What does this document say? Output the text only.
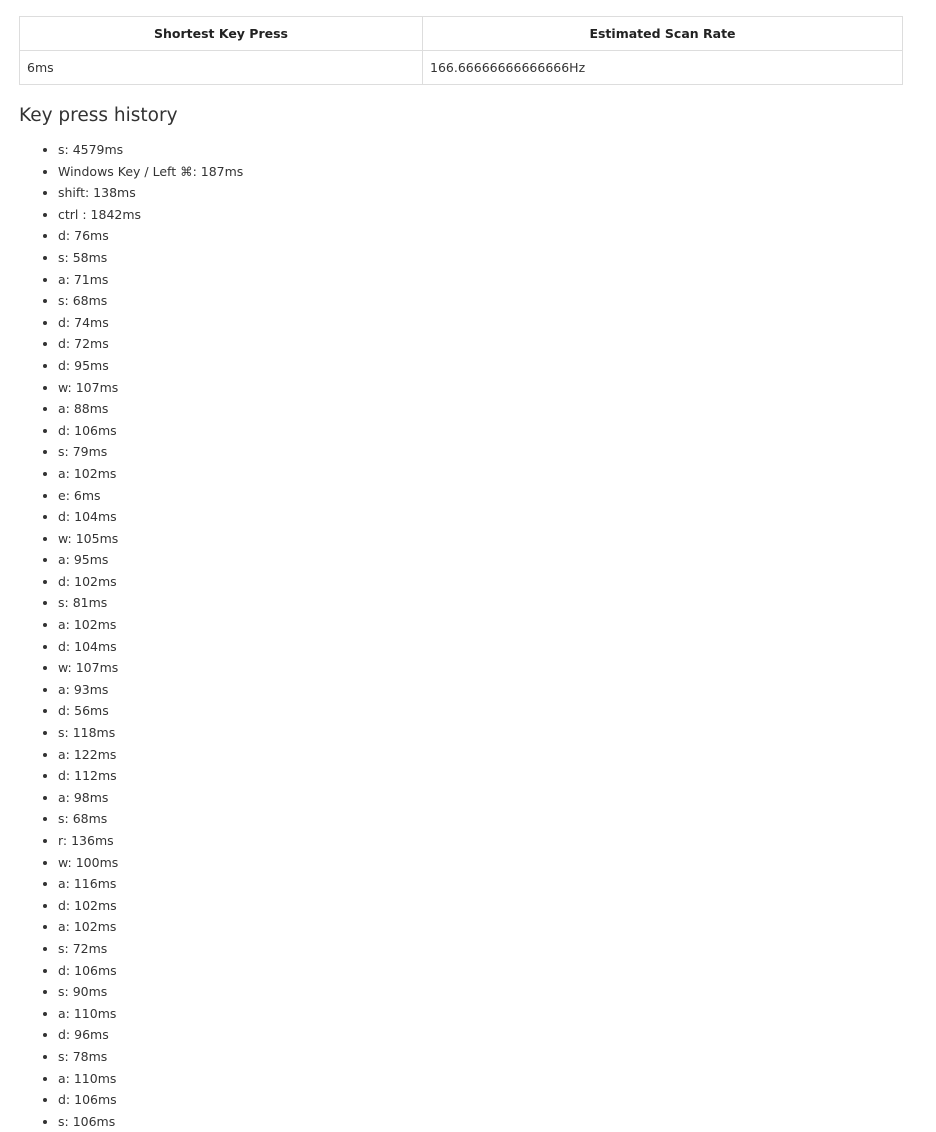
Shortest Key Press	Estimated Scan Rate
6ms	166.66666666666666Hz
Key press history
• s: 4579ms
• Windows Key / Left ⌘: 187ms
• shift: 138ms
• ctrl : 1842ms
• d: 76ms
• s: 58ms
• a: 71ms
• s: 68ms
• d: 74ms
• d: 72ms
• d: 95ms
• w: 107ms
• a: 88ms
• d: 106ms
• s: 79ms
• a: 102ms
• e: 6ms
• d: 104ms
• w: 105ms
• a: 95ms
• d: 102ms
• s: 81ms
• a: 102ms
• d: 104ms
• w: 107ms
• a: 93ms
• d: 56ms
• s: 118ms
• a: 122ms
• d: 112ms
• a: 98ms
• s: 68ms
• r: 136ms
• w: 100ms
• a: 116ms
• d: 102ms
• a: 102ms
• s: 72ms
• d: 106ms
• s: 90ms
• a: 110ms
• d: 96ms
• s: 78ms
• a: 110ms
• d: 106ms
• s: 106ms
